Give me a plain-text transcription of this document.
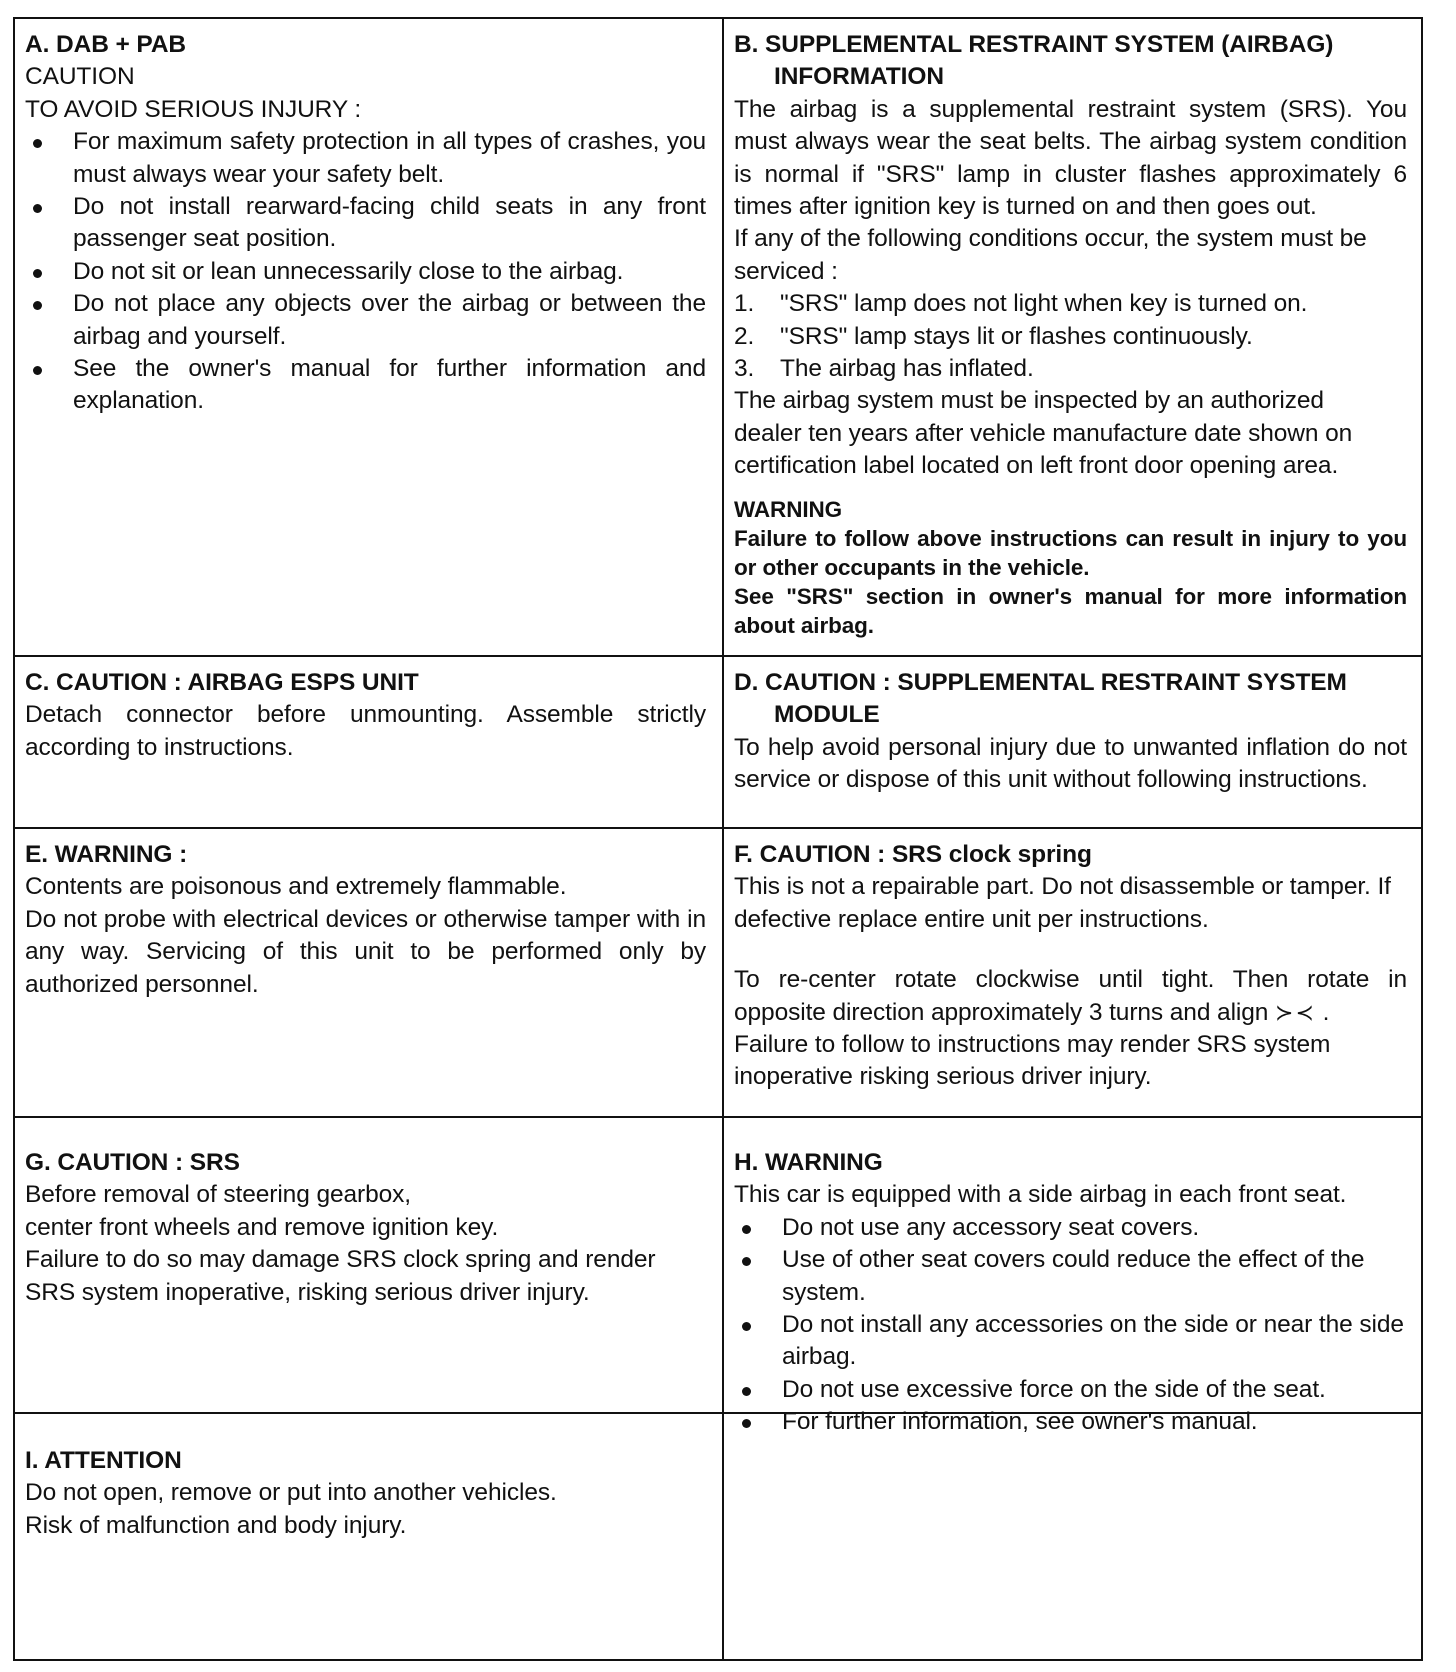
A. DAB + PAB
CAUTION
TO AVOID SERIOUS INJURY :
For maximum safety protection in all types of crashes, you must always wear your safety belt.
Do not install rearward-facing child seats in any front passenger seat position.
Do not sit or lean unnecessarily close to the airbag.
Do not place any objects over the airbag or between the airbag and yourself.
See the owner's manual for further information and explanation.
B. SUPPLEMENTAL RESTRAINT SYSTEM (AIRBAG) INFORMATION
The airbag is a supplemental restraint system (SRS). You must always wear the seat belts. The airbag system condition is normal if "SRS" lamp in cluster flashes approximately 6 times after ignition key is turned on and then goes out.
If any of the following conditions occur, the system must be serviced :
1. "SRS" lamp does not light when key is turned on.
2. "SRS" lamp stays lit or flashes continuously.
3. The airbag has inflated.
The airbag system must be inspected by an authorized dealer ten years after vehicle manufacture date shown on certification label located on left front door opening area.
WARNING
Failure to follow above instructions can result in injury to you or other occupants in the vehicle.
See "SRS" section in owner's manual for more information about airbag.
C. CAUTION : AIRBAG ESPS UNIT
Detach connector before unmounting. Assemble strictly according to instructions.
D. CAUTION : SUPPLEMENTAL RESTRAINT SYSTEM MODULE
To help avoid personal injury due to unwanted inflation do not service or dispose of this unit without following instructions.
E. WARNING :
Contents are poisonous and extremely flammable.
Do not probe with electrical devices or otherwise tamper with in any way. Servicing of this unit to be performed only by authorized personnel.
F. CAUTION : SRS clock spring
This is not a repairable part. Do not disassemble or tamper. If defective replace entire unit per instructions.
To re-center rotate clockwise until tight. Then rotate in opposite direction approximately 3 turns and align ≻≺ .
Failure to follow to instructions may render SRS system inoperative risking serious driver injury.
G. CAUTION : SRS
Before removal of steering gearbox,
center front wheels and remove ignition key.
Failure to do so may damage SRS clock spring and render SRS system inoperative, risking serious driver injury.
H. WARNING
This car is equipped with a side airbag in each front seat.
Do not use any accessory seat covers.
Use of other seat covers could reduce the effect of the system.
Do not install any accessories on the side or near the side airbag.
Do not use excessive force on the side of the seat.
For further information, see owner's manual.
I. ATTENTION
Do not open, remove or put into another vehicles.
Risk of malfunction and body injury.
